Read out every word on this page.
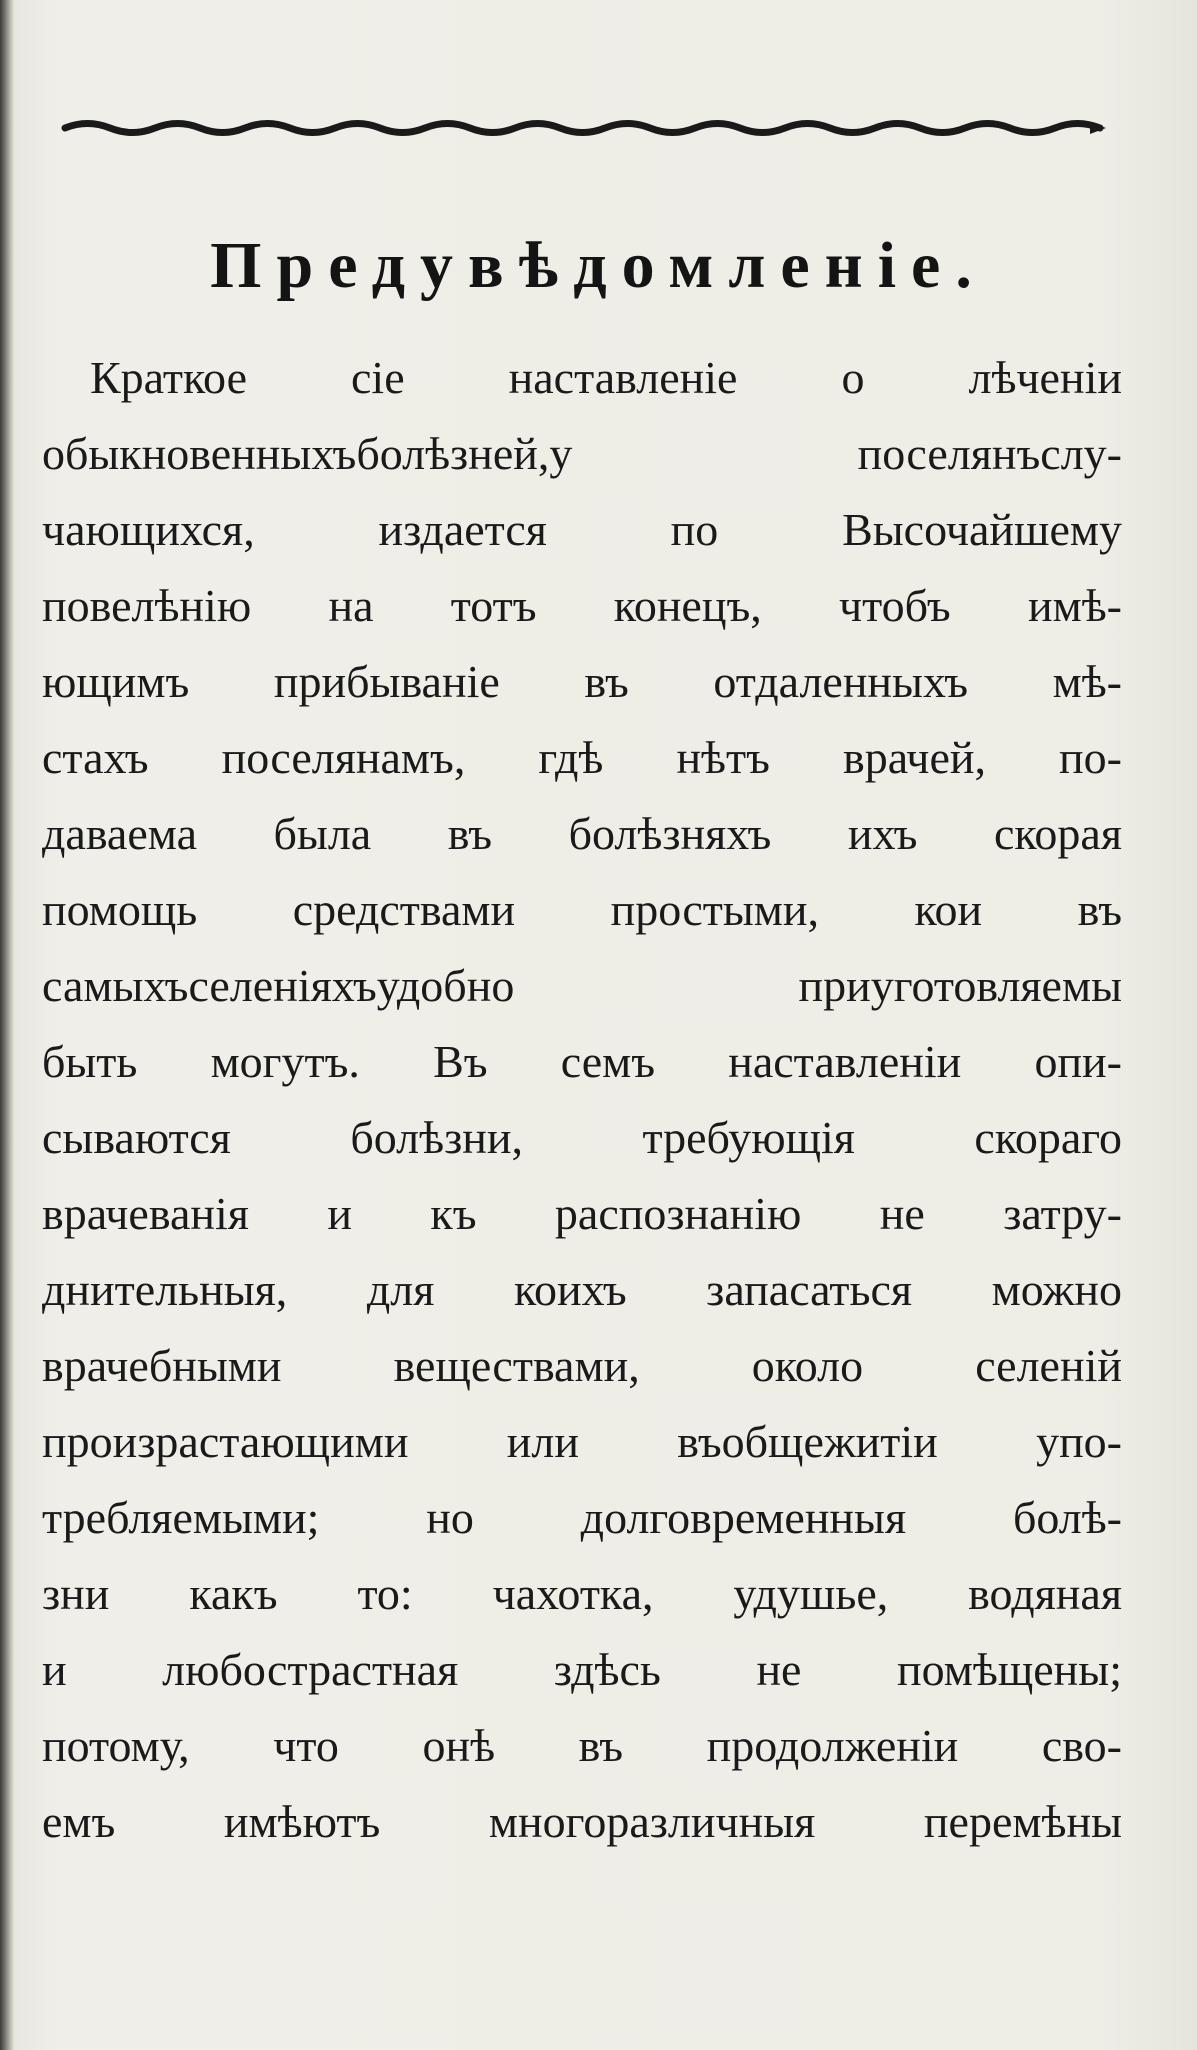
Предувѣдомленіе.
Краткое сіе наставленіе о лѣченіи
обыкновенныхъболѣзней,у поселянъслу-
чающихся, издается по Высочайшему
повелѣнію на тотъ конецъ, чтобъ имѣ-
ющимъ прибываніе въ отдаленныхъ мѣ-
стахъ поселянамъ, гдѣ нѣтъ врачей, по-
даваема была въ болѣзняхъ ихъ скорая
помощь средствами простыми, кои въ
самыхъселеніяхъудобно приуготовляемы
быть могутъ. Въ семъ наставленіи опи-
сываются болѣзни, требующія скораго
врачеванія и къ распознанію не затру-
днительныя, для коихъ запасаться можно
врачебными веществами, около селеній
произрастающими или въобщежитіи упо-
требляемыми; но долговременныя болѣ-
зни какъ то: чахотка, удушье, водяная
и любострастная здѣсь не помѣщены;
потому, что онѣ въ продолженіи сво-
емъ имѣютъ многоразличныя перемѣны
